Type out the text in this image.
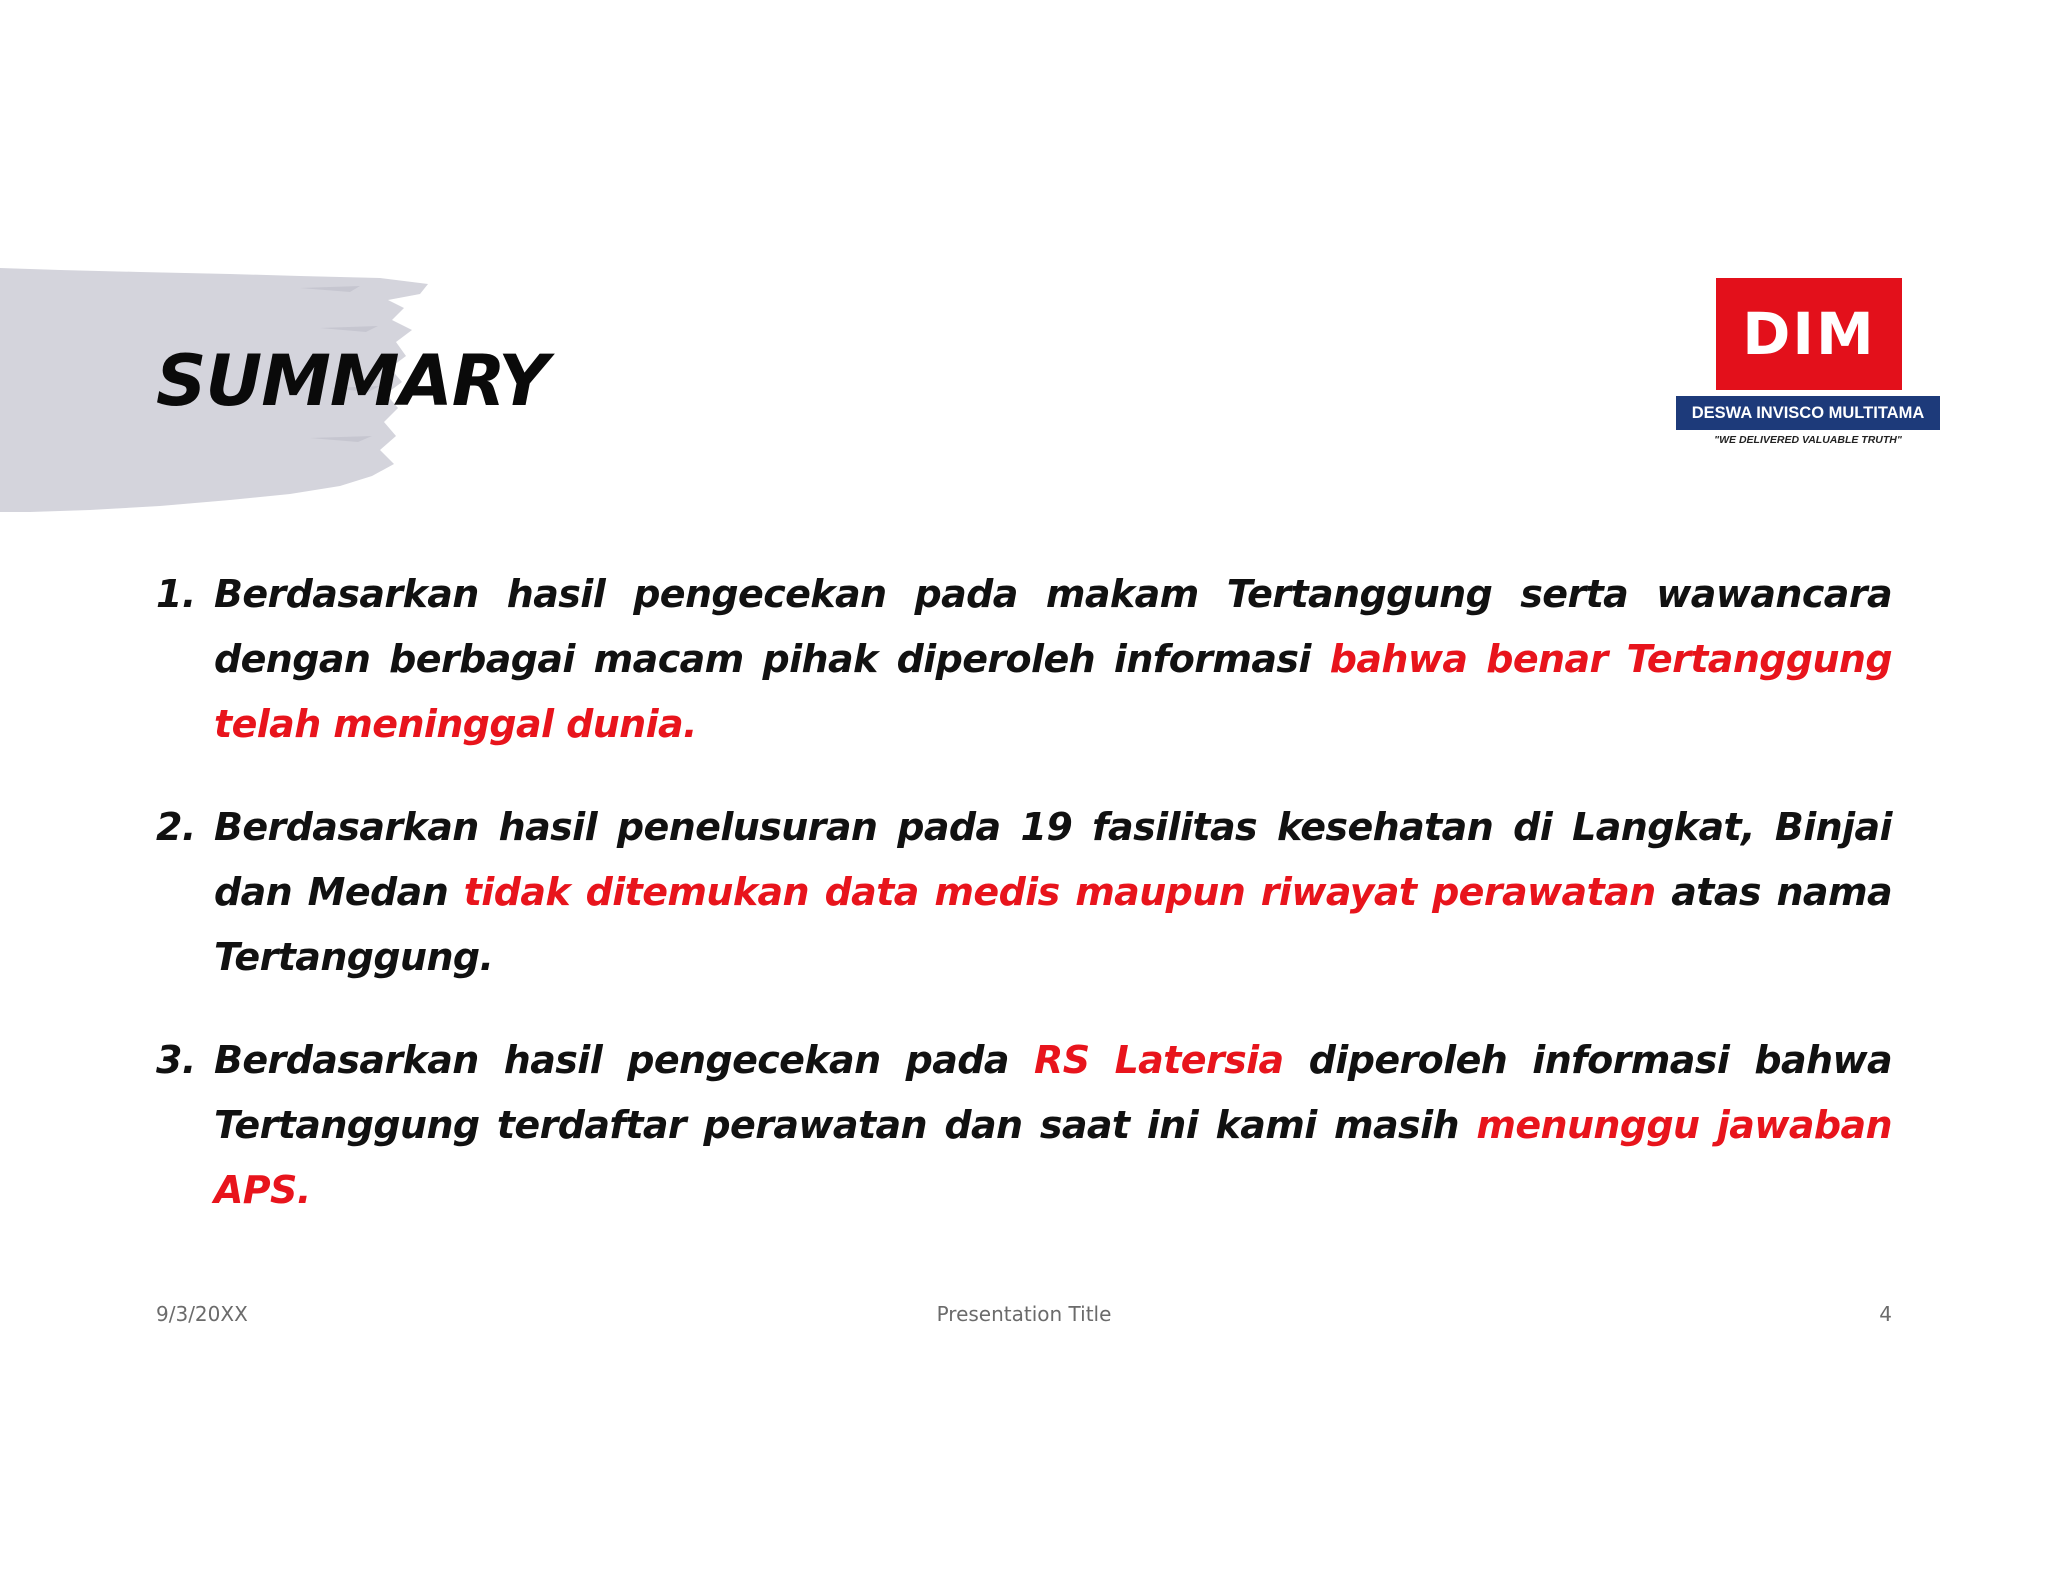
SUMMARY
DIM
DESWA INVISCO MULTITAMA
"WE DELIVERED VALUABLE TRUTH"
1. Berdasarkan hasil pengecekan pada makam Tertanggung serta wawancara dengan berbagai macam pihak diperoleh informasi bahwa benar Tertanggung telah meninggal dunia.
2. Berdasarkan hasil penelusuran pada 19 fasilitas kesehatan di Langkat, Binjai dan Medan tidak ditemukan data medis maupun riwayat perawatan atas nama Tertanggung.
3. Berdasarkan hasil pengecekan pada RS Latersia diperoleh informasi bahwa Tertanggung terdaftar perawatan dan saat ini kami masih menunggu jawaban APS.
9/3/20XX	Presentation Title	4
